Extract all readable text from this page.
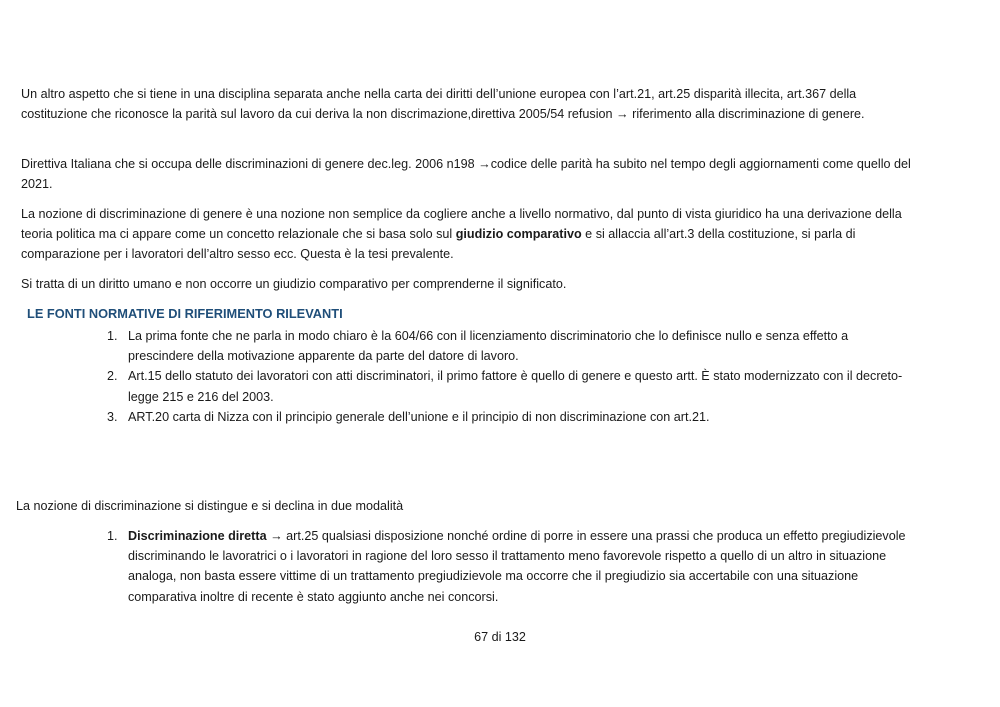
Un altro aspetto che si tiene in una disciplina separata anche nella carta dei diritti dell’unione europea con l’art.21, art.25 disparità illecita, art.367 della costituzione che riconosce la parità sul lavoro da cui deriva la non discrimazione,direttiva 2005/54 refusion → riferimento alla discriminazione di genere.

Direttiva Italiana che si occupa delle discriminazioni di genere dec.leg. 2006 n198 →codice delle parità ha subito nel tempo degli aggiornamenti come quello del 2021.

La nozione di discriminazione di genere è una nozione non semplice da cogliere anche a livello normativo, dal punto di vista giuridico ha una derivazione della teoria politica ma ci appare come un concetto relazionale che si basa solo sul giudizio comparativo e si allaccia all’art.3 della costituzione, si parla di comparazione per i lavoratori dell’altro sesso ecc. Questa è la tesi prevalente.

Si tratta di un diritto umano e non occorre un giudizio comparativo per comprenderne il significato.

LE FONTI NORMATIVE DI RIFERIMENTO RILEVANTI

1. La prima fonte che ne parla in modo chiaro è la 604/66 con il licenziamento discriminatorio che lo definisce nullo e senza effetto a prescindere della motivazione apparente da parte del datore di lavoro.
2. Art.15 dello statuto dei lavoratori con atti discriminatori, il primo fattore è quello di genere e questo artt. È stato modernizzato con il decreto-legge 215 e 216 del 2003.
3. ART.20 carta di Nizza con il principio generale dell’unione e il principio di non discriminazione con art.21.

La nozione di discriminazione si distingue e si declina in due modalità

1. Discriminazione diretta → art.25 qualsiasi disposizione nonché ordine di porre in essere una prassi che produca un effetto pregiudizievole discriminando le lavoratrici o i lavoratori in ragione del loro sesso il trattamento meno favorevole rispetto a quello di un altro in situazione analoga, non basta essere vittime di un trattamento pregiudizievole ma occorre che il pregiudizio sia accertabile con una situazione comparativa inoltre di recente è stato aggiunto anche nei concorsi.

67 di 132
